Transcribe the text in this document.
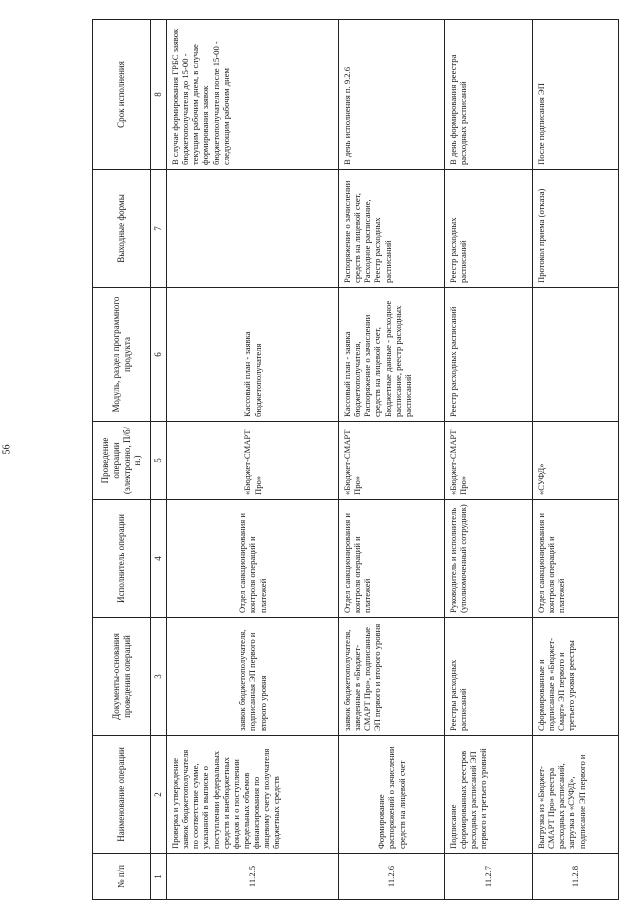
56
№ п/п	Наименование операции	Документы-основания проведения операций	Исполнитель операции	Проведение операции (электронно, П/б/н.)	Модуль, раздел программного продукта	Выходные формы	Срок исполнения
1	2	3	4	5	6	7	8
11.2.5	Проверка и утверждение заявок бюджетополучателя по соответствие сумме, указанной в выписке о поступлении федеральных средств и внебюджетных фондов и о поступлении предельных объемов финансирования по лицевому счету получателя бюджетных средств	заявок бюджетополучателя, подписанная ЭП первого и второго уровня	Отдел санкционирования и контроля операций и платежей	«Бюджет-СМАРТ Про»	Кассовый план - заявка бюджетополучателя		В случае формирования ГРБС заявок бюджетополучателя до 15-00 - текущим рабочим днем, в случае формирования заявок бюджетополучателя после 15-00 - следующим рабочим днем
11.2.6	Формирование распоряжений о зачислении средств на лицевой счет	заявок бюджетополучателя, заведенные в «Бюджет-СМАРТ Про», подписанные ЭП первого и второго уровня	Отдел санкционирования и контроля операций и платежей	«Бюджет-СМАРТ Про»	Кассовый план - заявка бюджетополучателя, Распоряжение о зачислении средств на лицевой счет, Бюджетные данные - расходное расписание, реестр расходных расписаний	Распоряжение о зачислении средств на лицевой счет, Расходное расписание, Реестр расходных расписаний	В день исполнения п. 9.2.6
11.2.7	Подписание сформированных реестров расходных расписаний ЭП первого и третьего уровней	Реестры расходных расписаний	Руководитель и исполнитель (уполномоченный сотрудник)	«Бюджет-СМАРТ Про»	Реестр расходных расписаний	Реестр расходных расписаний	В день формирования реестра расходных расписаний
11.2.8	Выгрузка из «Бюджет-СМАРТ Про» реестра расходных расписаний, загрузка в «СУФД», подписание ЭП первого и	Сформированные и подписанные в «Бюджет-Смарт» ЭП первого и третьего уровня реестры	Отдел санкционирования и контроля операций и платежей	«СУФД»		Протокол приема (отказа)	После подписания ЭП
